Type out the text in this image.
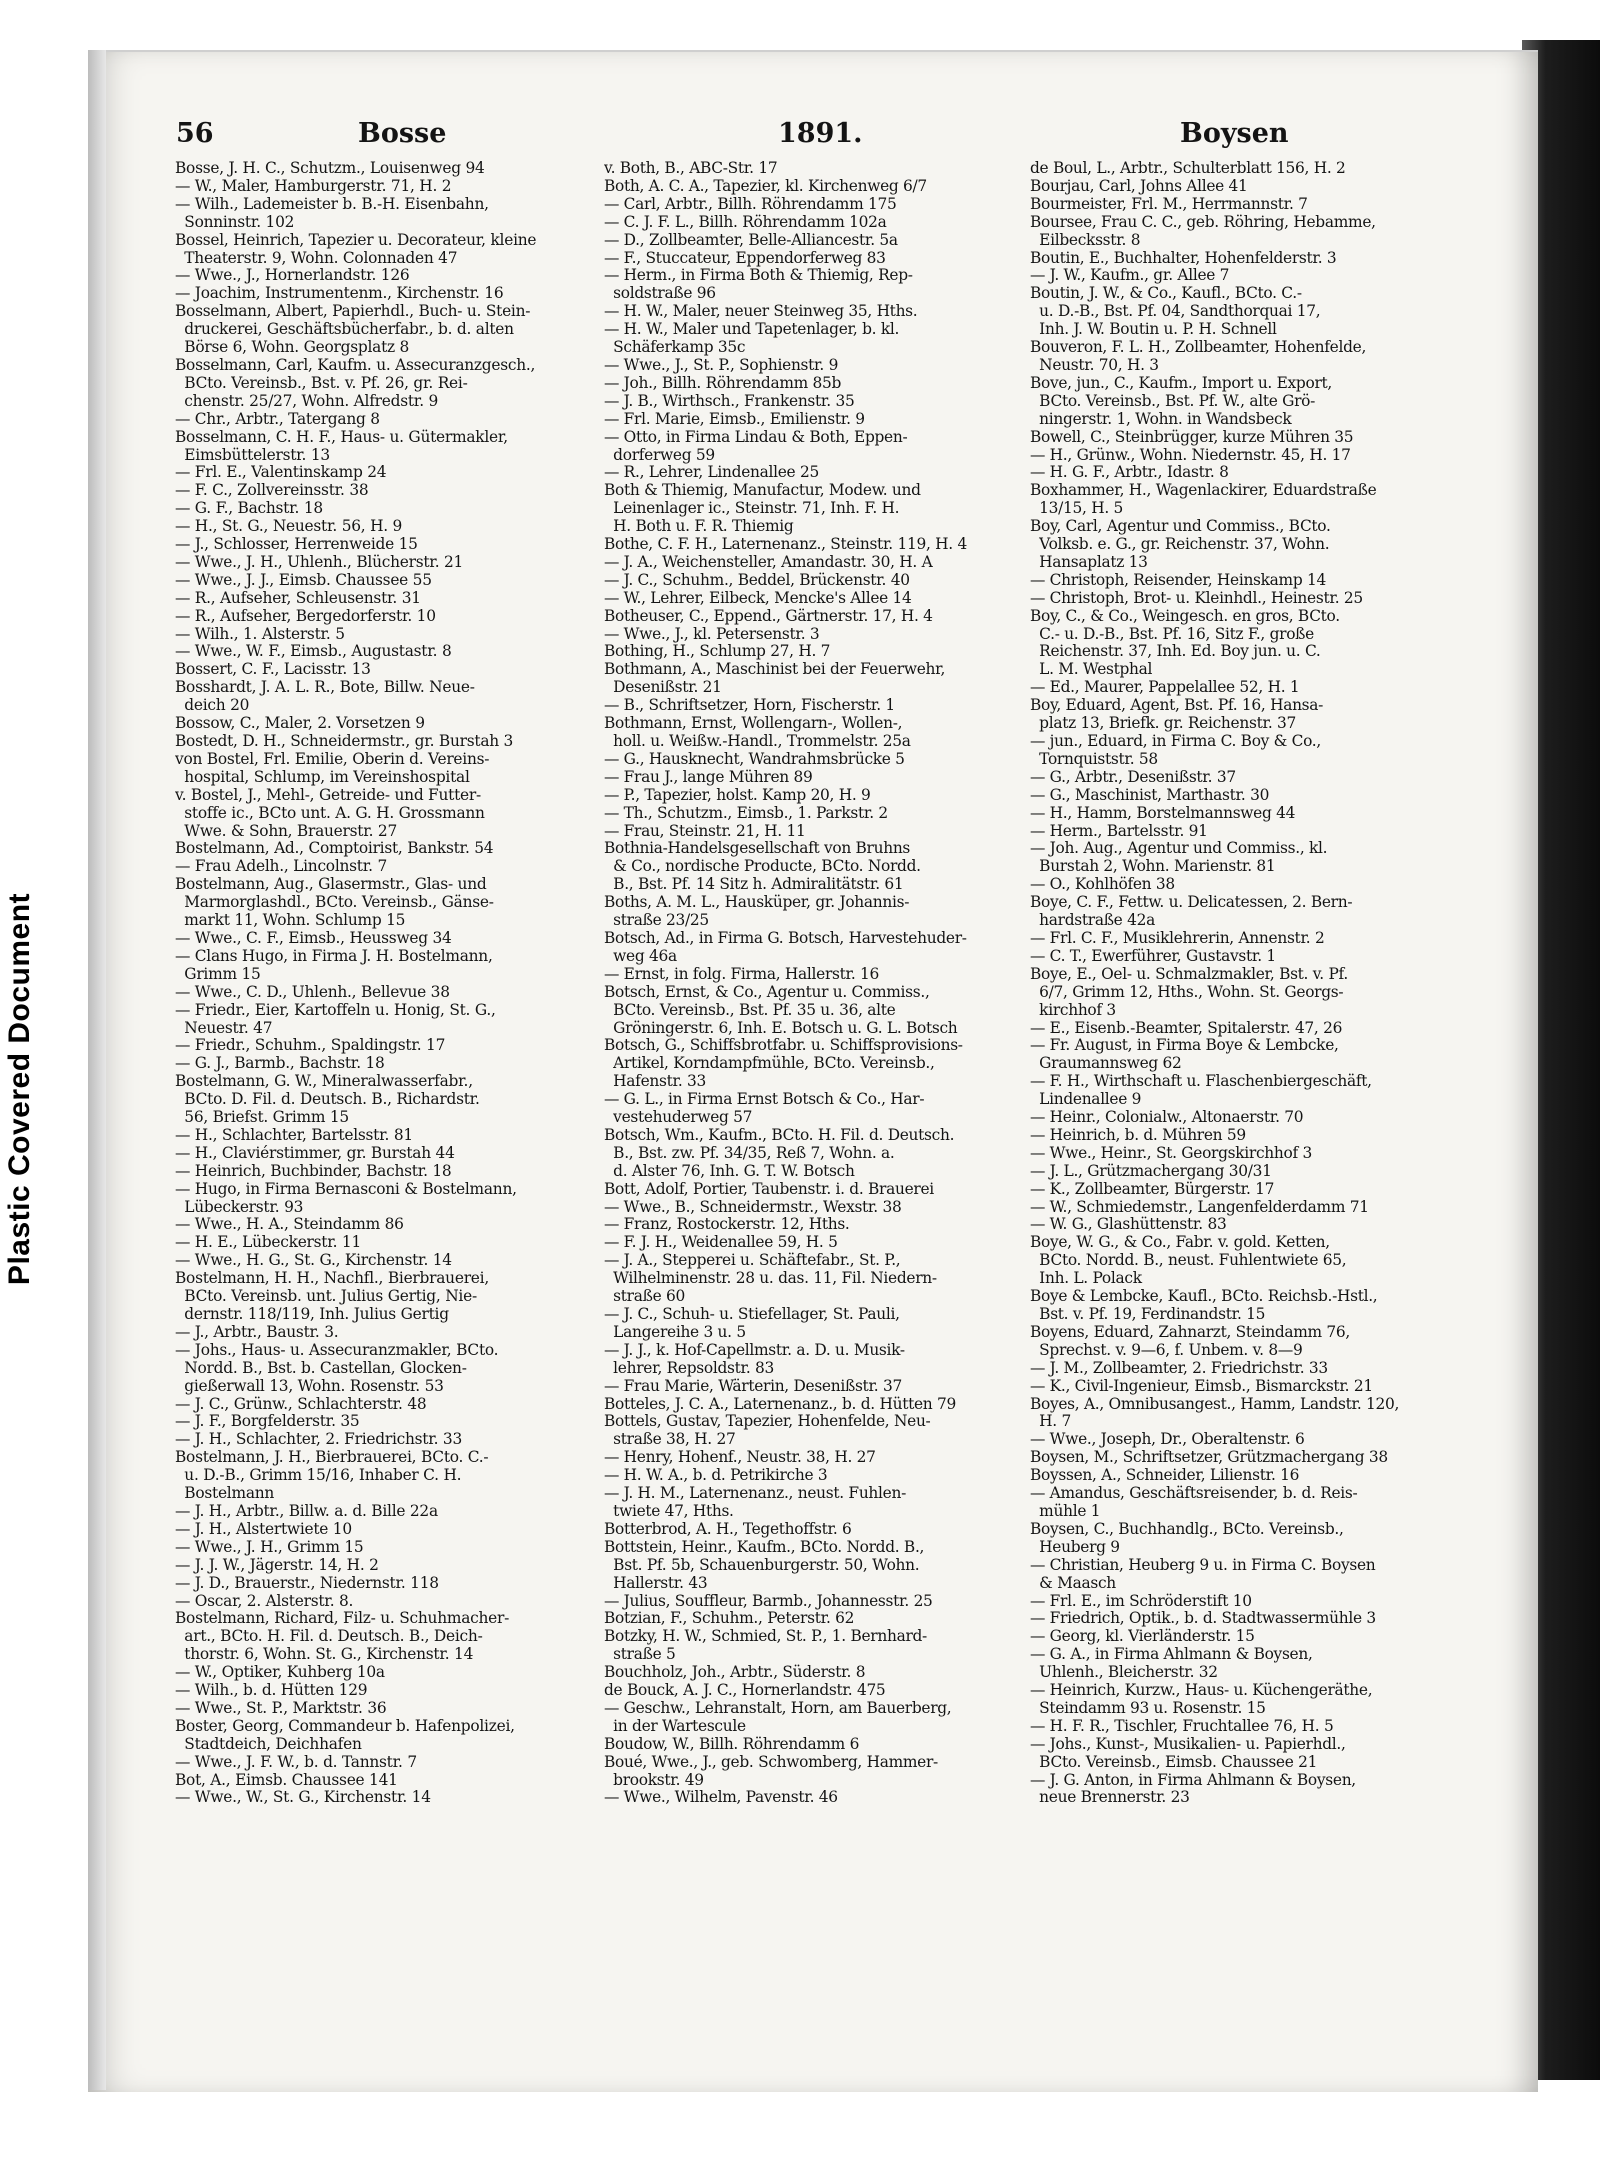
Plastic Covered Document
56	Bosse	1891.	Boysen
Bosse, J. H. C., Schutzm., Louisenweg 94
— W., Maler, Hamburgerstr. 71, H. 2
— Wilh., Lademeister b. B.-H. Eisenbahn,
Sonninstr. 102
Bossel, Heinrich, Tapezier u. Decorateur, kleine
Theaterstr. 9, Wohn. Colonnaden 47
— Wwe., J., Hornerlandstr. 126
— Joachim, Instrumentenm., Kirchenstr. 16
Bosselmann, Albert, Papierhdl., Buch- u. Stein-
druckerei, Geschäftsbücherfabr., b. d. alten
Börse 6, Wohn. Georgsplatz 8
Bosselmann, Carl, Kaufm. u. Assecuranzgesch.,
BCto. Vereinsb., Bst. v. Pf. 26, gr. Rei-
chenstr. 25/27, Wohn. Alfredstr. 9
— Chr., Arbtr., Tatergang 8
Bosselmann, C. H. F., Haus- u. Gütermakler,
Eimsbüttelerstr. 13
— Frl. E., Valentinskamp 24
— F. C., Zollvereinsstr. 38
— G. F., Bachstr. 18
— H., St. G., Neuestr. 56, H. 9
— J., Schlosser, Herrenweide 15
— Wwe., J. H., Uhlenh., Blücherstr. 21
— Wwe., J. J., Eimsb. Chaussee 55
— R., Aufseher, Schleusenstr. 31
— R., Aufseher, Bergedorferstr. 10
— Wilh., 1. Alsterstr. 5
— Wwe., W. F., Eimsb., Augustastr. 8
Bossert, C. F., Lacisstr. 13
Bosshardt, J. A. L. R., Bote, Billw. Neue-
deich 20
Bossow, C., Maler, 2. Vorsetzen 9
Bostedt, D. H., Schneidermstr., gr. Burstah 3
von Bostel, Frl. Emilie, Oberin d. Vereins-
hospital, Schlump, im Vereinshospital
v. Bostel, J., Mehl-, Getreide- und Futter-
stoffe ic., BCto unt. A. G. H. Grossmann
Wwe. & Sohn, Brauerstr. 27
Bostelmann, Ad., Comptoirist, Bankstr. 54
— Frau Adelh., Lincolnstr. 7
Bostelmann, Aug., Glasermstr., Glas- und
Marmorglashdl., BCto. Vereinsb., Gänse-
markt 11, Wohn. Schlump 15
— Wwe., C. F., Eimsb., Heussweg 34
— Clans Hugo, in Firma J. H. Bostelmann,
Grimm 15
— Wwe., C. D., Uhlenh., Bellevue 38
— Friedr., Eier, Kartoffeln u. Honig, St. G.,
Neuestr. 47
— Friedr., Schuhm., Spaldingstr. 17
— G. J., Barmb., Bachstr. 18
Bostelmann, G. W., Mineralwasserfabr.,
BCto. D. Fil. d. Deutsch. B., Richardstr.
56, Briefst. Grimm 15
— H., Schlachter, Bartelsstr. 81
— H., Claviérstimmer, gr. Burstah 44
— Heinrich, Buchbinder, Bachstr. 18
— Hugo, in Firma Bernasconi & Bostelmann,
Lübeckerstr. 93
— Wwe., H. A., Steindamm 86
— H. E., Lübeckerstr. 11
— Wwe., H. G., St. G., Kirchenstr. 14
Bostelmann, H. H., Nachfl., Bierbrauerei,
BCto. Vereinsb. unt. Julius Gertig, Nie-
dernstr. 118/119, Inh. Julius Gertig
— J., Arbtr., Baustr. 3.
— Johs., Haus- u. Assecuranzmakler, BCto.
Nordd. B., Bst. b. Castellan, Glocken-
gießerwall 13, Wohn. Rosenstr. 53
— J. C., Grünw., Schlachterstr. 48
— J. F., Borgfelderstr. 35
— J. H., Schlachter, 2. Friedrichstr. 33
Bostelmann, J. H., Bierbrauerei, BCto. C.-
u. D.-B., Grimm 15/16, Inhaber C. H.
Bostelmann
— J. H., Arbtr., Billw. a. d. Bille 22a
— J. H., Alstertwiete 10
— Wwe., J. H., Grimm 15
— J. J. W., Jägerstr. 14, H. 2
— J. D., Brauerstr., Niedernstr. 118
— Oscar, 2. Alsterstr. 8.
Bostelmann, Richard, Filz- u. Schuhmacher-
art., BCto. H. Fil. d. Deutsch. B., Deich-
thorstr. 6, Wohn. St. G., Kirchenstr. 14
— W., Optiker, Kuhberg 10a
— Wilh., b. d. Hütten 129
— Wwe., St. P., Marktstr. 36
Boster, Georg, Commandeur b. Hafenpolizei,
Stadtdeich, Deichhafen
— Wwe., J. F. W., b. d. Tannstr. 7
Bot, A., Eimsb. Chaussee 141
— Wwe., W., St. G., Kirchenstr. 14
v. Both, B., ABC-Str. 17
Both, A. C. A., Tapezier, kl. Kirchenweg 6/7
— Carl, Arbtr., Billh. Röhrendamm 175
— C. J. F. L., Billh. Röhrendamm 102a
— D., Zollbeamter, Belle-Alliancestr. 5a
— F., Stuccateur, Eppendorferweg 83
— Herm., in Firma Both & Thiemig, Rep-
soldstraße 96
— H. W., Maler, neuer Steinweg 35, Hths.
— H. W., Maler und Tapetenlager, b. kl.
Schäferkamp 35c
— Wwe., J., St. P., Sophienstr. 9
— Joh., Billh. Röhrendamm 85b
— J. B., Wirthsch., Frankenstr. 35
— Frl. Marie, Eimsb., Emilienstr. 9
— Otto, in Firma Lindau & Both, Eppen-
dorferweg 59
— R., Lehrer, Lindenallee 25
Both & Thiemig, Manufactur, Modew. und
Leinenlager ic., Steinstr. 71, Inh. F. H.
H. Both u. F. R. Thiemig
Bothe, C. F. H., Laternenanz., Steinstr. 119, H. 4
— J. A., Weichensteller, Amandastr. 30, H. A
— J. C., Schuhm., Beddel, Brückenstr. 40
— W., Lehrer, Eilbeck, Mencke's Allee 14
Botheuser, C., Eppend., Gärtnerstr. 17, H. 4
— Wwe., J., kl. Petersenstr. 3
Bothing, H., Schlump 27, H. 7
Bothmann, A., Maschinist bei der Feuerwehr,
Desenißstr. 21
— B., Schriftsetzer, Horn, Fischerstr. 1
Bothmann, Ernst, Wollengarn-, Wollen-,
holl. u. Weißw.-Handl., Trommelstr. 25a
— G., Hausknecht, Wandrahmsbrücke 5
— Frau J., lange Mühren 89
— P., Tapezier, holst. Kamp 20, H. 9
— Th., Schutzm., Eimsb., 1. Parkstr. 2
— Frau, Steinstr. 21, H. 11
Bothnia-Handelsgesellschaft von Bruhns
& Co., nordische Producte, BCto. Nordd.
B., Bst. Pf. 14 Sitz h. Admiralitätstr. 61
Boths, A. M. L., Hausküper, gr. Johannis-
straße 23/25
Botsch, Ad., in Firma G. Botsch, Harvestehuder-
weg 46a
— Ernst, in folg. Firma, Hallerstr. 16
Botsch, Ernst, & Co., Agentur u. Commiss.,
BCto. Vereinsb., Bst. Pf. 35 u. 36, alte
Gröningerstr. 6, Inh. E. Botsch u. G. L. Botsch
Botsch, G., Schiffsbrotfabr. u. Schiffsprovisions-
Artikel, Korndampfmühle, BCto. Vereinsb.,
Hafenstr. 33
— G. L., in Firma Ernst Botsch & Co., Har-
vestehuderweg 57
Botsch, Wm., Kaufm., BCto. H. Fil. d. Deutsch.
B., Bst. zw. Pf. 34/35, Reß 7, Wohn. a.
d. Alster 76, Inh. G. T. W. Botsch
Bott, Adolf, Portier, Taubenstr. i. d. Brauerei
— Wwe., B., Schneidermstr., Wexstr. 38
— Franz, Rostockerstr. 12, Hths.
— F. J. H., Weidenallee 59, H. 5
— J. A., Stepperei u. Schäftefabr., St. P.,
Wilhelminenstr. 28 u. das. 11, Fil. Niedern-
straße 60
— J. C., Schuh- u. Stiefellager, St. Pauli,
Langereihe 3 u. 5
— J. J., k. Hof-Capellmstr. a. D. u. Musik-
lehrer, Repsoldstr. 83
— Frau Marie, Wärterin, Desenißstr. 37
Botteles, J. C. A., Laternenanz., b. d. Hütten 79
Bottels, Gustav, Tapezier, Hohenfelde, Neu-
straße 38, H. 27
— Henry, Hohenf., Neustr. 38, H. 27
— H. W. A., b. d. Petrikirche 3
— J. H. M., Laternenanz., neust. Fuhlen-
twiete 47, Hths.
Botterbrod, A. H., Tegethoffstr. 6
Bottstein, Heinr., Kaufm., BCto. Nordd. B.,
Bst. Pf. 5b, Schauenburgerstr. 50, Wohn.
Hallerstr. 43
— Julius, Souffleur, Barmb., Johannesstr. 25
Botzian, F., Schuhm., Peterstr. 62
Botzky, H. W., Schmied, St. P., 1. Bernhard-
straße 5
Bouchholz, Joh., Arbtr., Süderstr. 8
de Bouck, A. J. C., Hornerlandstr. 475
— Geschw., Lehranstalt, Horn, am Bauerberg,
in der Wartescule
Boudow, W., Billh. Röhrendamm 6
Boué, Wwe., J., geb. Schwomberg, Hammer-
brookstr. 49
— Wwe., Wilhelm, Pavenstr. 46
de Boul, L., Arbtr., Schulterblatt 156, H. 2
Bourjau, Carl, Johns Allee 41
Bourmeister, Frl. M., Herrmannstr. 7
Boursee, Frau C. C., geb. Röhring, Hebamme,
Eilbecksstr. 8
Boutin, E., Buchhalter, Hohenfelderstr. 3
— J. W., Kaufm., gr. Allee 7
Boutin, J. W., & Co., Kaufl., BCto. C.-
u. D.-B., Bst. Pf. 04, Sandthorquai 17,
Inh. J. W. Boutin u. P. H. Schnell
Bouveron, F. L. H., Zollbeamter, Hohenfelde,
Neustr. 70, H. 3
Bove, jun., C., Kaufm., Import u. Export,
BCto. Vereinsb., Bst. Pf. W., alte Grö-
ningerstr. 1, Wohn. in Wandsbeck
Bowell, C., Steinbrügger, kurze Mühren 35
— H., Grünw., Wohn. Niedernstr. 45, H. 17
— H. G. F., Arbtr., Idastr. 8
Boxhammer, H., Wagenlackirer, Eduardstraße
13/15, H. 5
Boy, Carl, Agentur und Commiss., BCto.
Volksb. e. G., gr. Reichenstr. 37, Wohn.
Hansaplatz 13
— Christoph, Reisender, Heinskamp 14
— Christoph, Brot- u. Kleinhdl., Heinestr. 25
Boy, C., & Co., Weingesch. en gros, BCto.
C.- u. D.-B., Bst. Pf. 16, Sitz F., große
Reichenstr. 37, Inh. Ed. Boy jun. u. C.
L. M. Westphal
— Ed., Maurer, Pappelallee 52, H. 1
Boy, Eduard, Agent, Bst. Pf. 16, Hansa-
platz 13, Briefk. gr. Reichenstr. 37
— jun., Eduard, in Firma C. Boy & Co.,
Tornquiststr. 58
— G., Arbtr., Desenißstr. 37
— G., Maschinist, Marthastr. 30
— H., Hamm, Borstelmannsweg 44
— Herm., Bartelsstr. 91
— Joh. Aug., Agentur und Commiss., kl.
Burstah 2, Wohn. Marienstr. 81
— O., Kohlhöfen 38
Boye, C. F., Fettw. u. Delicatessen, 2. Bern-
hardstraße 42a
— Frl. C. F., Musiklehrerin, Annenstr. 2
— C. T., Ewerführer, Gustavstr. 1
Boye, E., Oel- u. Schmalzmakler, Bst. v. Pf.
6/7, Grimm 12, Hths., Wohn. St. Georgs-
kirchhof 3
— E., Eisenb.-Beamter, Spitalerstr. 47, 26
— Fr. August, in Firma Boye & Lembcke,
Graumannsweg 62
— F. H., Wirthschaft u. Flaschenbiergeschäft,
Lindenallee 9
— Heinr., Colonialw., Altonaerstr. 70
— Heinrich, b. d. Mühren 59
— Wwe., Heinr., St. Georgskirchhof 3
— J. L., Grützmachergang 30/31
— K., Zollbeamter, Bürgerstr. 17
— W., Schmiedemstr., Langenfelderdamm 71
— W. G., Glashüttenstr. 83
Boye, W. G., & Co., Fabr. v. gold. Ketten,
BCto. Nordd. B., neust. Fuhlentwiete 65,
Inh. L. Polack
Boye & Lembcke, Kaufl., BCto. Reichsb.-Hstl.,
Bst. v. Pf. 19, Ferdinandstr. 15
Boyens, Eduard, Zahnarzt, Steindamm 76,
Sprechst. v. 9—6, f. Unbem. v. 8—9
— J. M., Zollbeamter, 2. Friedrichstr. 33
— K., Civil-Ingenieur, Eimsb., Bismarckstr. 21
Boyes, A., Omnibusangest., Hamm, Landstr. 120,
H. 7
— Wwe., Joseph, Dr., Oberaltenstr. 6
Boysen, M., Schriftsetzer, Grützmachergang 38
Boyssen, A., Schneider, Lilienstr. 16
— Amandus, Geschäftsreisender, b. d. Reis-
mühle 1
Boysen, C., Buchhandlg., BCto. Vereinsb.,
Heuberg 9
— Christian, Heuberg 9 u. in Firma C. Boysen
& Maasch
— Frl. E., im Schröderstift 10
— Friedrich, Optik., b. d. Stadtwassermühle 3
— Georg, kl. Vierländerstr. 15
— G. A., in Firma Ahlmann & Boysen,
Uhlenh., Bleicherstr. 32
— Heinrich, Kurzw., Haus- u. Küchengeräthe,
Steindamm 93 u. Rosenstr. 15
— H. F. R., Tischler, Fruchtallee 76, H. 5
— Johs., Kunst-, Musikalien- u. Papierhdl.,
BCto. Vereinsb., Eimsb. Chaussee 21
— J. G. Anton, in Firma Ahlmann & Boysen,
neue Brennerstr. 23
